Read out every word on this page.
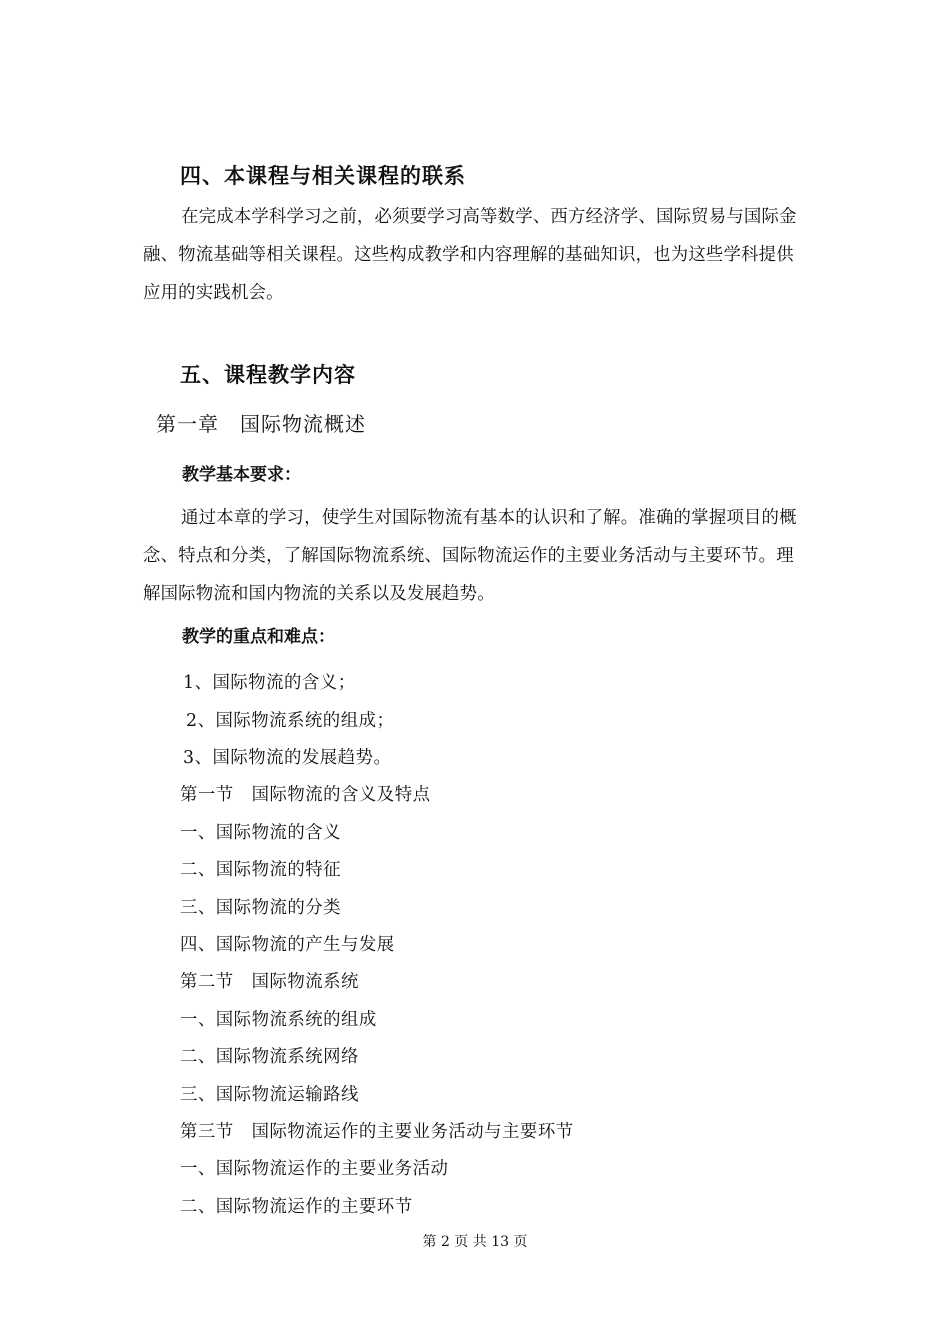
四、本课程与相关课程的联系

在完成本学科学习之前，必须要学习高等数学、西方经济学、国际贸易与国际金融、物流基础等相关课程。这些构成教学和内容理解的基础知识，也为这些学科提供应用的实践机会。

五、课程教学内容
第一章　国际物流概述
教学基本要求：

通过本章的学习，使学生对国际物流有基本的认识和了解。准确的掌握项目的概念、特点和分类，了解国际物流系统、国际物流运作的主要业务活动与主要环节。理解国际物流和国内物流的关系以及发展趋势。

教学的重点和难点：
1、国际物流的含义；
2、国际物流系统的组成；
3、国际物流的发展趋势。
第一节　国际物流的含义及特点
一、国际物流的含义
二、国际物流的特征
三、国际物流的分类
四、国际物流的产生与发展
第二节　国际物流系统
一、国际物流系统的组成
二、国际物流系统网络
三、国际物流运输路线
第三节　国际物流运作的主要业务活动与主要环节
一、国际物流运作的主要业务活动
二、国际物流运作的主要环节
第 2 页 共 13 页
